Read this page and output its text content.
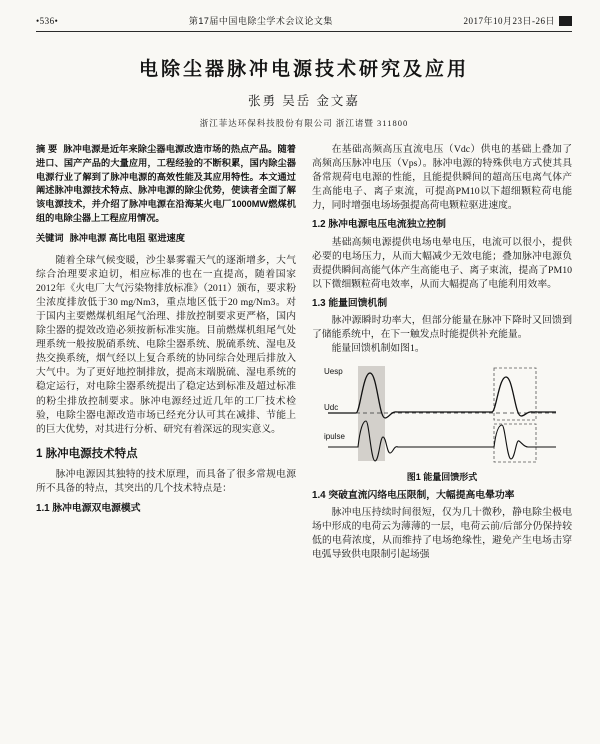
•536•	第17届中国电除尘学术会议论文集	2017年10月23日-26日
电除尘器脉冲电源技术研究及应用
张勇 吴岳 金文嘉
浙江菲达环保科技股份有限公司 浙江诸暨 311800

摘 要 脉冲电源是近年来除尘器电源改造市场的热点产品。随着进口、国产产品的大量应用，工程经验的不断积累，国内除尘器电源行业了解到了脉冲电源的高效性能及其应用特性。本文通过阐述脉冲电源技术特点、脉冲电源的除尘优势，使读者全面了解该电源技术，并介绍了脉冲电源在沿海某火电厂1000MW燃煤机组的电除尘器上工程应用情况。

关键词 脉冲电源 高比电阻 驱进速度

随着全球气候变暖，沙尘暴雾霾天气的逐渐增多，大气综合治理要求迫切，相应标准的也在一直提高，随着国家2012年《火电厂大气污染物排放标准》（2011）颁布，要求粉尘浓度排放低于30 mg/Nm3，重点地区低于20 mg/Nm3。对于国内主要燃煤机组尾气治理、排放控制要求更严格，国内除尘器的提效改造必须按新标准实施。目前燃煤机组尾气处理系统一般按脱硝系统、电除尘器系统、脱硫系统、湿电及热交换系统，烟气经以上复合系统的协同综合处理后排放入大气中。为了更好地控制排放，提高末端脱硫、湿电系统的稳定运行，对电除尘器系统提出了稳定达到标准及超过标准的粉尘排放控制要求。脉冲电源经过近几年的工厂技术检验，电除尘器电源改造市场已经充分认可其在减排、节能上的巨大优势，对其进行分析、研究有着深远的现实意义。

1 脉冲电源技术特点

脉冲电源因其独特的技术原理，而具备了很多常规电源所不具备的特点，其突出的几个技术特点是：

1.1 脉冲电源双电源模式

在基础高频高压直流电压（Vdc）供电的基础上叠加了高频高压脉冲电压（Vps）。脉冲电源的特殊供电方式使其具备常规荷电电源的性能，且能提供瞬间的超高压电离气体产生高能电子、离子束流，可提高PM10以下超细颗粒荷电能力，同时增强电场场强提高荷电颗粒驱进速度。

1.2 脉冲电源电压电流独立控制

基础高频电源提供电场电晕电压，电流可以很小，提供必要的电场压力，从而大幅减少无效电能；叠加脉冲电源负责提供瞬间高能气体产生高能电子、离子束流，提高了PM10以下微细颗粒荷电效率，从而大幅提高了电能利用效率。

1.3 能量回馈机制

脉冲源瞬时功率大，但部分能量在脉冲下降时又回馈到了储能系统中，在下一触发点时能提供补充能量。

能量回馈机制如图1。

Uesp
Udc
ipulse
图1 能量回馈形式
1.4 突破直流闪络电压限制，大幅提高电晕功率

脉冲电压持续时间很短，仅为几十微秒，静电除尘极电场中形成的电荷云为薄薄的一层，电荷云前/后部分仍保持较低的电荷浓度，从而维持了电场绝缘性，避免产生电场击穿电弧导致供电限制引起场强
